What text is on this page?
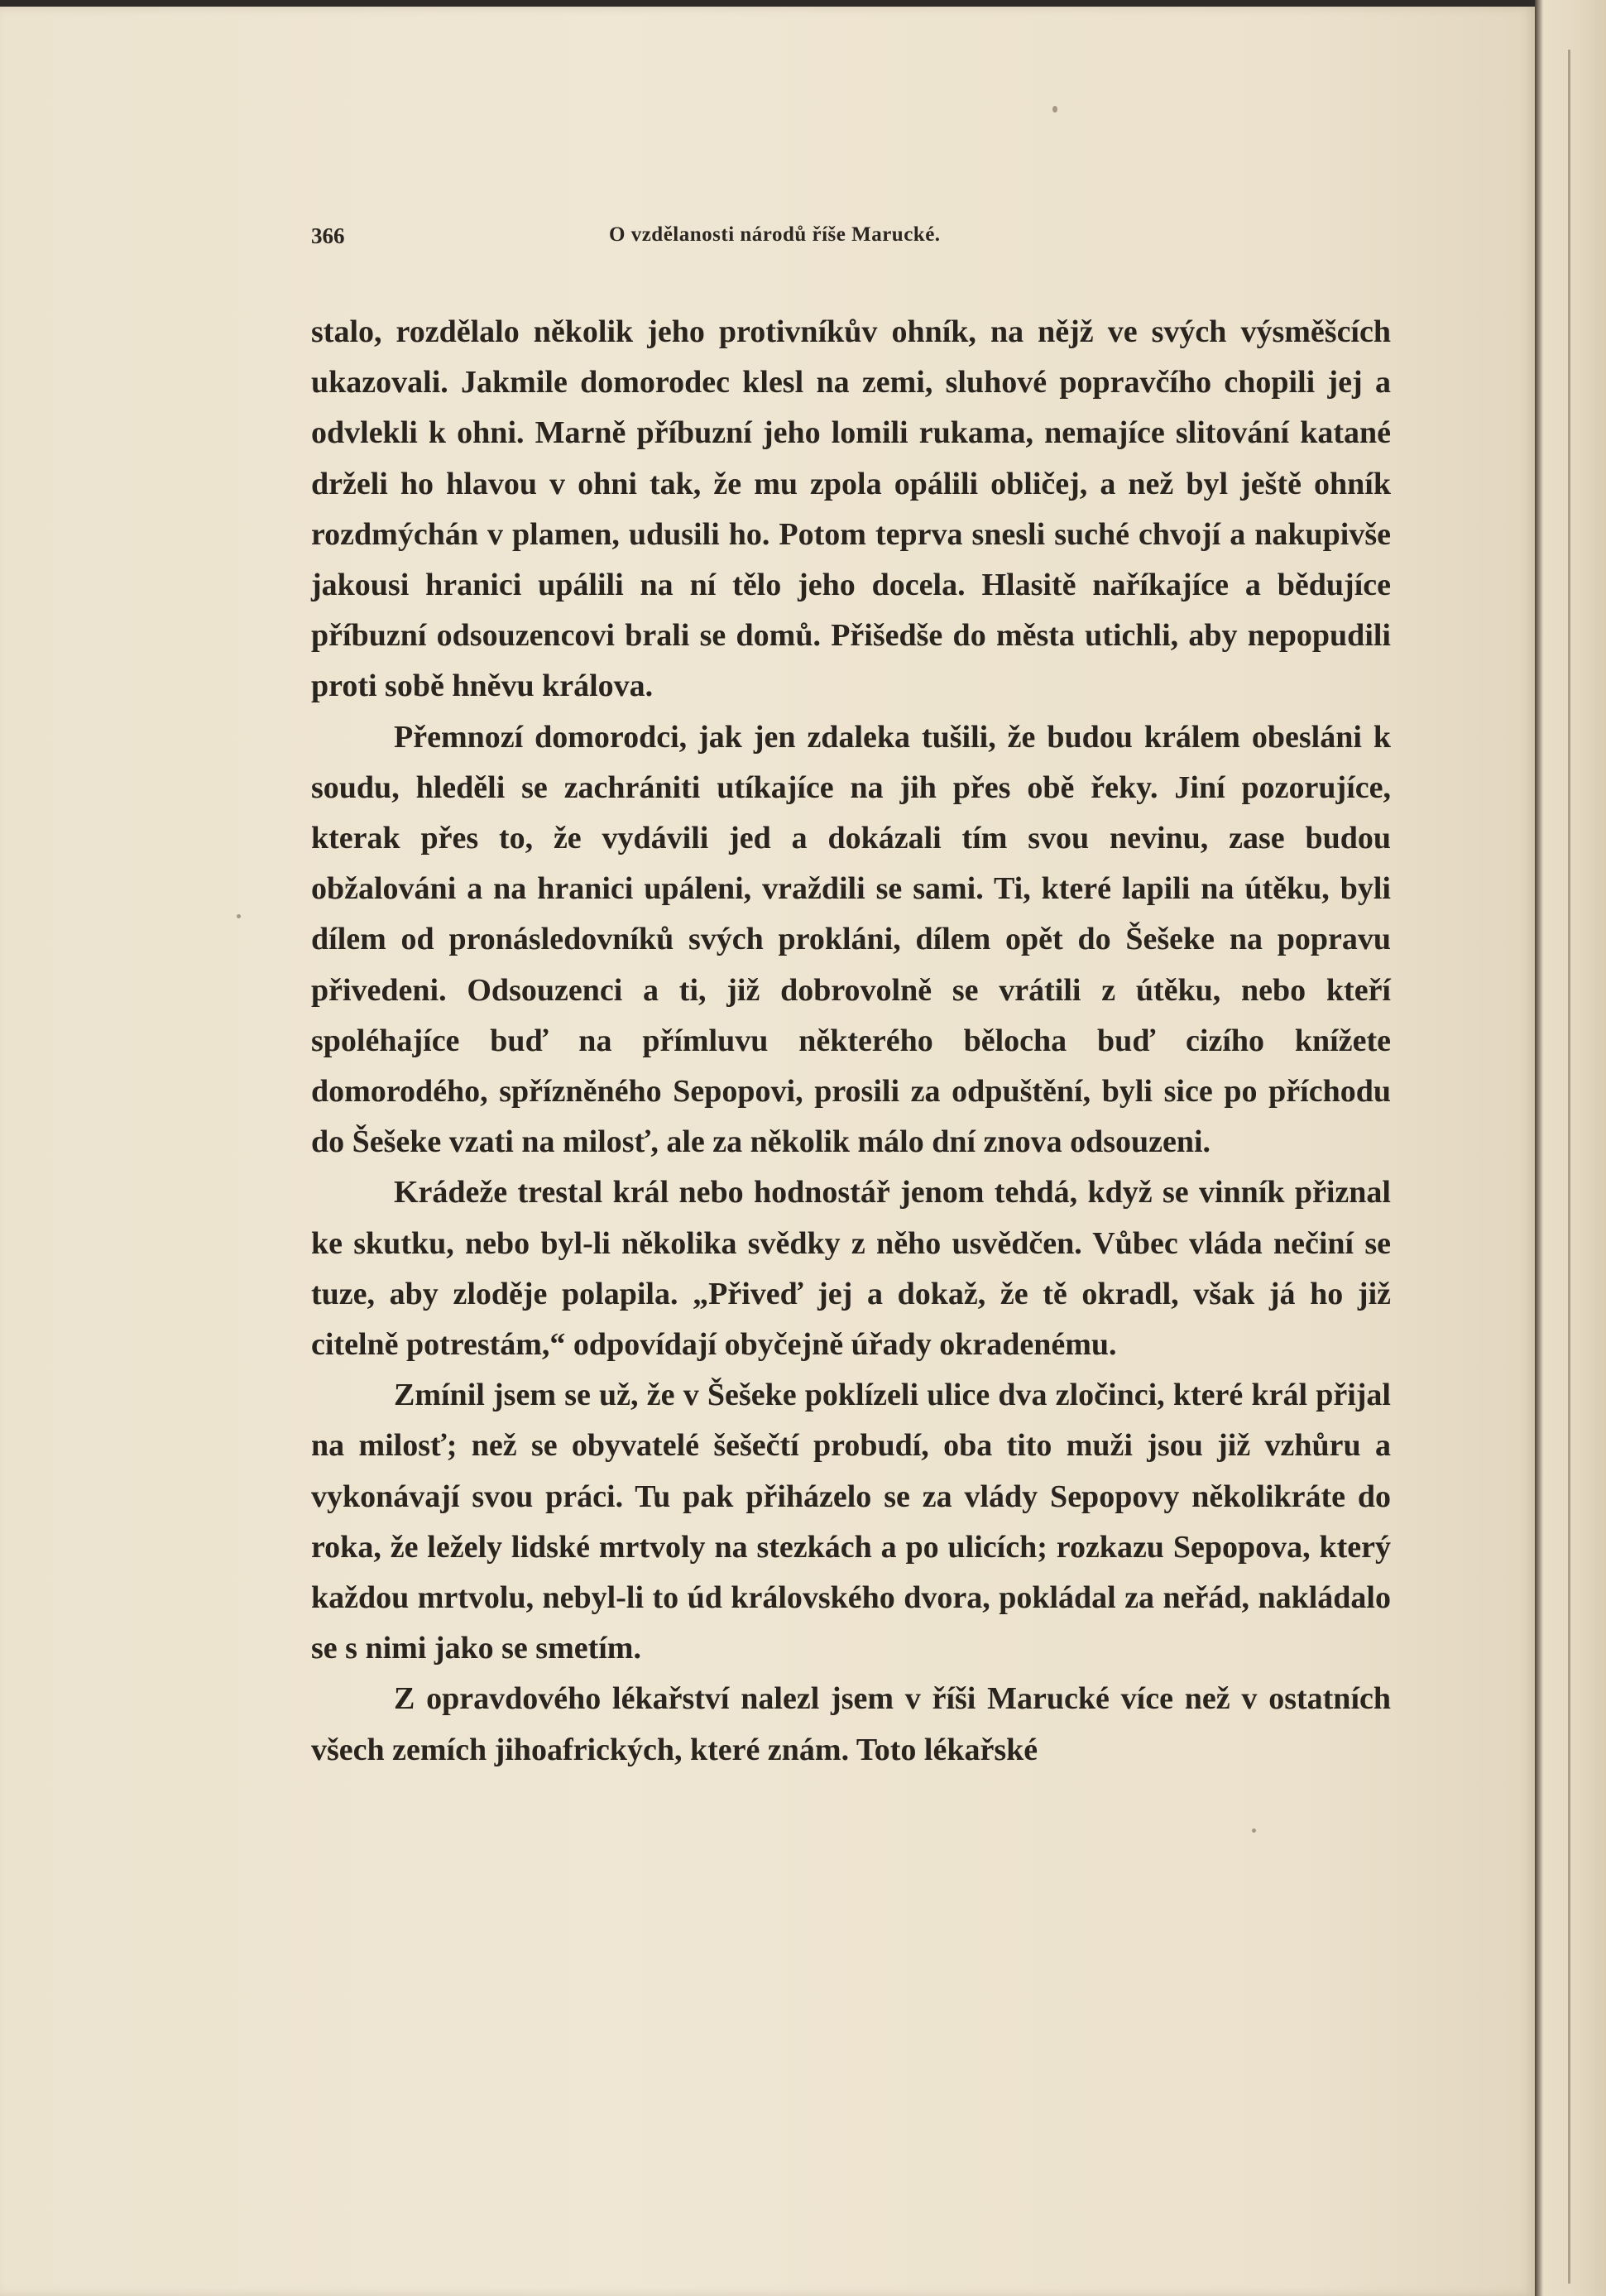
366	O vzdělanosti národů říše Marucké.

stalo, rozdělalo několik jeho protivníkův ohník, na nějž ve svých výsměšcích ukazovali. Jakmile domorodec klesl na zemi, sluhové popravčího chopili jej a odvlekli k ohni. Marně příbuzní jeho lomili rukama, nemajíce slitování katané drželi ho hlavou v ohni tak, že mu zpola opálili obličej, a než byl ještě ohník rozdmýchán v plamen, udusili ho. Potom teprva snesli suché chvojí a nakupivše jakousi hranici upálili na ní tělo jeho docela. Hlasitě naříkajíce a bědujíce příbuzní odsouzencovi brali se domů. Přišedše do města utichli, aby nepopudili proti sobě hněvu králova.

Přemnozí domorodci, jak jen zdaleka tušili, že budou králem obesláni k soudu, hleděli se zachrániti utíkajíce na jih přes obě řeky. Jiní pozorujíce, kterak přes to, že vydávili jed a dokázali tím svou nevinu, zase budou obžalováni a na hranici upáleni, vraždili se sami. Ti, které lapili na útěku, byli dílem od pronásledovníků svých prokláni, dílem opět do Šešeke na popravu přivedeni. Odsouzenci a ti, již dobrovolně se vrátili z útěku, nebo kteří spoléhajíce buď na přímluvu některého bělocha buď cizího knížete domorodého, spřízněného Sepopovi, prosili za odpuštění, byli sice po příchodu do Šešeke vzati na milosť, ale za několik málo dní znova odsouzeni.

Krádeže trestal král nebo hodnostář jenom tehdá, když se vinník přiznal ke skutku, nebo byl-li několika svědky z něho usvědčen. Vůbec vláda nečiní se tuze, aby zloděje polapila. „Přiveď jej a dokaž, že tě okradl, však já ho již citelně potrestám,“ odpovídají obyčejně úřady okradenému.

Zmínil jsem se už, že v Šešeke poklízeli ulice dva zločinci, které král přijal na milosť; než se obyvatelé šešečtí probudí, oba tito muži jsou již vzhůru a vykonávají svou práci. Tu pak přiházelo se za vlády Sepopovy několikráte do roka, že ležely lidské mrtvoly na stezkách a po ulicích; rozkazu Sepopova, který každou mrtvolu, nebyl-li to úd královského dvora, pokládal za neřád, nakládalo se s nimi jako se smetím.

Z opravdového lékařství nalezl jsem v říši Marucké více než v ostatních všech zemích jihoafrických, které znám. Toto lékařské
